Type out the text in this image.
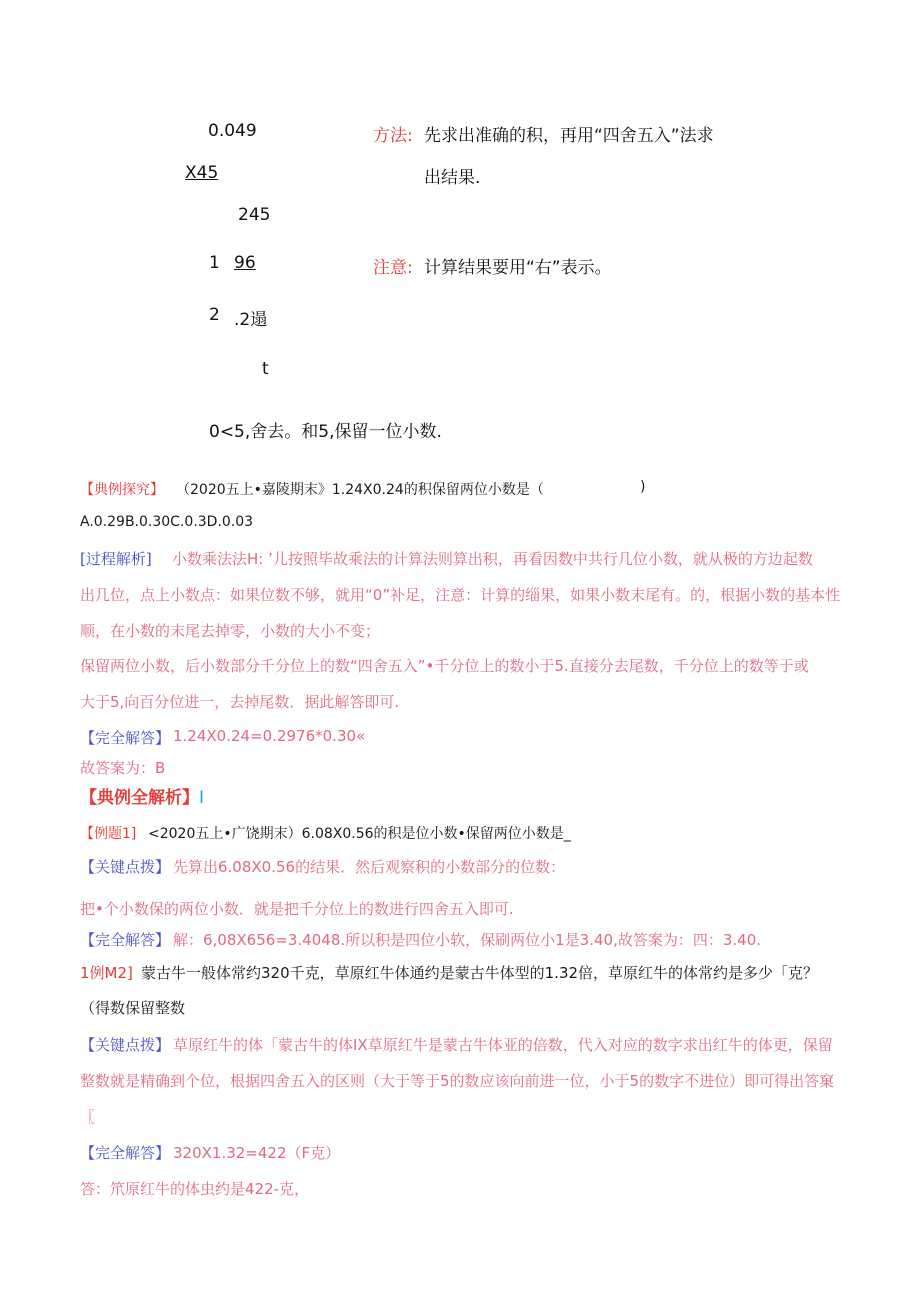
0.049
X45
245
1 96
2 .2遢
t
0<5,舍去。和5,保留一位小数.
方法: 先求出准确的积，再用“四舍五入”法求
出结果.
注意: 计算结果要用“右”表示。
【典例探究】 （2020五上•嘉陵期末》1.24X0.24的积保留两位小数是（	)
A.0.29B.0.30C.0.3D.0.03
[过程解析] 小数乘法法H: ’儿按照毕故乘法的计算法则算出积，再看因数中共行几位小数，就从极的方边起数
出几位，点上小数点：如果位数不够，就用“0”补足，注意：计算的缁果，如果小数末尾有。的，根据小数的基本性
顺，在小数的末尾去掉零，小数的大小不变；
保留两位小数，后小数部分千分位上的数“四舍五入”•千分位上的数小于5.直接分去尾数，千分位上的数等于或
大于5,向百分位进一，去掉尾数．据此解答即可.
【完全解答】 1.24X0.24=0.2976*0.30«
故答案为：B
【典例全解析】I
【例题1] <2020五上•广饶期末）6.08X0.56的积是位小数•保留两位小数是_
【关键点拨】 先算出6.08X0.56的结果．然后观察积的小数部分的位数：
把•个小数保的两位小数．就是把千分位上的数进行四舍五入即可.
【完全解答】 解：6,08X656=3.4048.所以积是四位小软，保刷两位小1是3.40,故答案为：四：3.40.
1例M2] 蒙古牛一般体常约320千克，草原红牛体通约是蒙古牛体型的1.32倍，草原红牛的体常约是多少「克？
（得数保留整数
【关键点拨】 草原红牛的体「蒙古牛的体IX草原红牛是蒙古牛体亚的倍数，代入对应的数字求出红牛的体更，保留
整数就是精确到个位，根据四舍五入的区则（大于等于5的数应该向前进一位，小于5的数字不进位）即可得出答窠
〖
【完全解答】 320X1.32=422（F克）
答：笊原红牛的体虫约是422-克，
